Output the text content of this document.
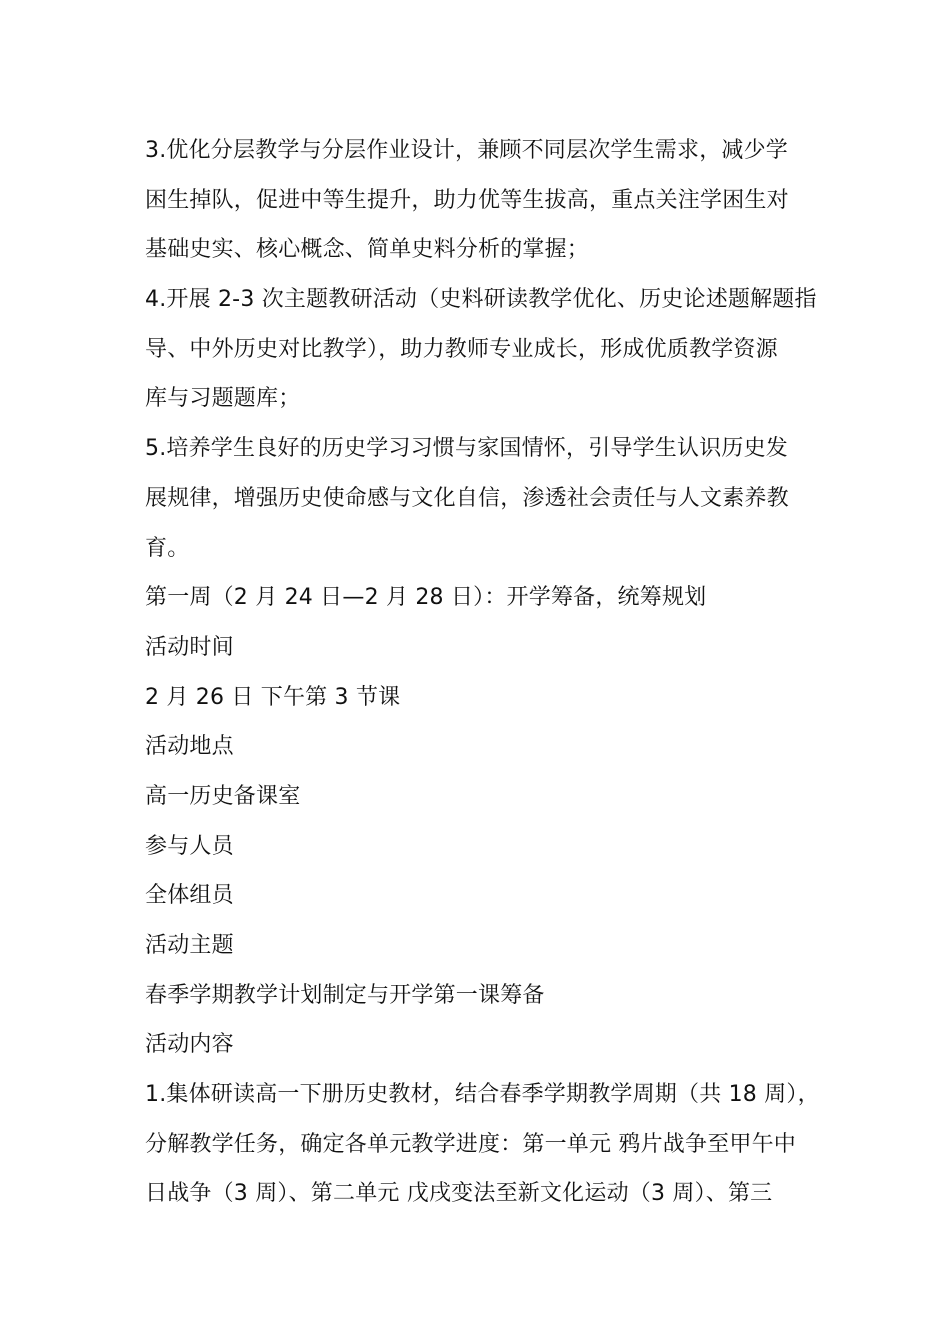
3.优化分层教学与分层作业设计，兼顾不同层次学生需求，减少学
困生掉队，促进中等生提升，助力优等生拔高，重点关注学困生对
基础史实、核心概念、简单史料分析的掌握；
4.开展 2-3 次主题教研活动（史料研读教学优化、历史论述题解题指
导、中外历史对比教学），助力教师专业成长，形成优质教学资源
库与习题题库；
5.培养学生良好的历史学习习惯与家国情怀，引导学生认识历史发
展规律，增强历史使命感与文化自信，渗透社会责任与人文素养教
育。
第一周（2 月 24 日—2 月 28 日）：开学筹备，统筹规划
活动时间
2 月 26 日 下午第 3 节课
活动地点
高一历史备课室
参与人员
全体组员
活动主题
春季学期教学计划制定与开学第一课筹备
活动内容
1.集体研读高一下册历史教材，结合春季学期教学周期（共 18 周），
分解教学任务，确定各单元教学进度：第一单元 鸦片战争至甲午中
日战争（3 周）、第二单元 戊戌变法至新文化运动（3 周）、第三
